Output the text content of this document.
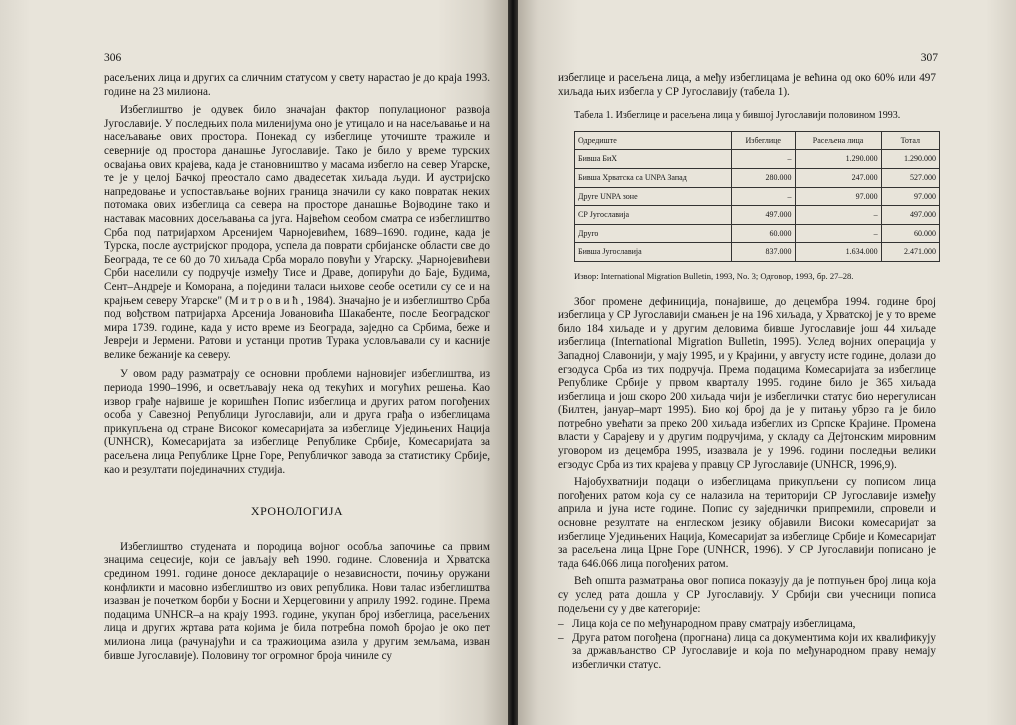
306

расељених лица и других са сличним статусом у свету нарастао је до краја 1993. године на 23 милиона.

Избеглиштво је одувек било значајан фактор популационог развоја Југославије. У последњих пола миленијума оно је утицало и на насељавање и на насељавање ових простора. Понекад су избеглице уточиште тражиле и северније од простора данашње Југославије. Тако је било у време турских освајања ових крајева, када је становништво у масама избегло на север Угарске, те је у целој Бачкој преостало само двадесетак хиљада људи. И аустријско напредовање и успостављање војних граница значили су како повратак неких потомака ових избеглица са севера на просторе данашње Војводине тако и наставак масовних досељавања са југа. Највећом сеобом сматра се избеглиштво Срба под патријархом Арсенијем Чарнојевићем, 1689–1690. године, када је Турска, после аустријског продора, успела да поврати србијанске области све до Београда, те се 60 до 70 хиљада Срба морало повући у Угарску. „Чарнојевићеви Срби населили су подручје између Тисе и Драве, допирући до Баје, Будима, Сент–Андреје и Коморана, а поједини таласи њихове сеобе осетили су се и на крајњем северу Угарске" (М и т р о в и ћ , 1984). Значајно је и избеглиштво Срба под вођством патријарха Арсенија Јовановића Шакабенте, после Београдског мира 1739. године, када у исто време из Београда, заједно са Србима, беже и Јевреји и Јермени. Ратови и устанци против Турака условљавали су и касније велике бежаније ка северу.

У овом раду разматрају се основни проблеми најновијег избеглиштва, из периода 1990–1996, и осветљавају нека од текућих и могућих решења. Као извор грађе највише је коришћен Попис избеглица и других ратом погођених особа у Савезној Републици Југославији, али и друга грађа о избеглицама прикупљена од стране Високог комесаријата за избеглице Уједињених Нација (UNHCR), Комесаријата за избеглице Републике Србије, Комесаријата за расељена лица Републике Црне Горе, Републичког завода за статистику Србије, као и резултати појединачних студија.

ХРОНОЛОГИЈА

Избеглиштво студената и породица војног особља започиње са првим знацима сецесије, који се јављају већ 1990. године. Словенија и Хрватска средином 1991. године доносе декларације о независности, почињу оружани конфликти и масовно избеглиштво из ових република. Нови талас избеглиштва изазван је почетком борби у Босни и Херцеговини у априлу 1992. године. Према подацима UNHCR–а на крају 1993. године, укупан број избеглица, расељених лица и других жртава рата којима је била потребна помоћ бројао је око пет милиона лица (рачунајући и са тражиоцима азила у другим земљама, изван бивше Југославије). Половину тог огромног броја чиниле су

307

избеглице и расељена лица, а међу избеглицама је већина од око 60% или 497 хиљада њих избегла у СР Југославију (табела 1).

Табела 1. Избеглице и расељена лица у бившој Југославији половином 1993.
Одредиште	Избеглице	Расељена лица	Тотал
Бивша БиХ	–	1.290.000	1.290.000
Бивша Хрватска са UNPA Запад	280.000	247.000	527.000
Друге UNPA зоне	–	97.000	97.000
СР Југославија	497.000	–	497.000
Друго	60.000	–	60.000
Бивша Југославија	837.000	1.634.000	2.471.000
Извор: International Migration Bulletin, 1993, No. 3; Одговор, 1993, бр. 27–28.

Због промене дефиниција, понајвише, до децембра 1994. године број избеглица у СР Југославији смањен је на 196 хиљада, у Хрватској је у то време било 184 хиљаде и у другим деловима бивше Југославије још 44 хиљаде избеглица (International Migration Bulletin, 1995). Услед војних операција у Западној Славонији, у мају 1995, и у Крајини, у августу исте године, долази до егзодуса Срба из тих подручја. Према подацима Комесаријата за избеглице Републике Србије у првом кварталу 1995. године било је 365 хиљада избеглица и још скоро 200 хиљада чији је избеглички статус био нерегулисан (Билтен, јануар–март 1995). Био кој број да је у питању убрзо га је било потребно увећати за преко 200 хиљада избеглих из Српске Крајине. Промена власти у Сарајеву и у другим подручјима, у складу са Дејтонским мировним уговором из децембра 1995, изазвала је у 1996. години последњи велики егзодус Срба из тих крајева у правцу СР Југославије (UNHCR, 1996,9).

Најобухватнији подаци о избеглицама прикупљени су пописом лица погођених ратом која су се налазила на територији СР Југославије између априла и јуна исте године. Попис су заједнички припремили, спровели и основне резултате на енглеском језику објавили Високи комесаријат за избеглице Уједињених Нација, Комесаријат за избеглице Србије и Комесаријат за расељена лица Црне Горе (UNHCR, 1996). У СР Југославији пописано је тада 646.066 лица погођених ратом.

Већ општа разматрања овог пописа показују да је потпуњен број лица која су услед рата дошла у СР Југославију. У Србији сви учесници пописа подељени су у две категорије:

– Лица која се по међународном праву сматрају избеглицама,
– Друга ратом погођена (прогнана) лица са документима који их квалификују за држављанство СР Југославије и која по међународном праву немају избеглички статус.
